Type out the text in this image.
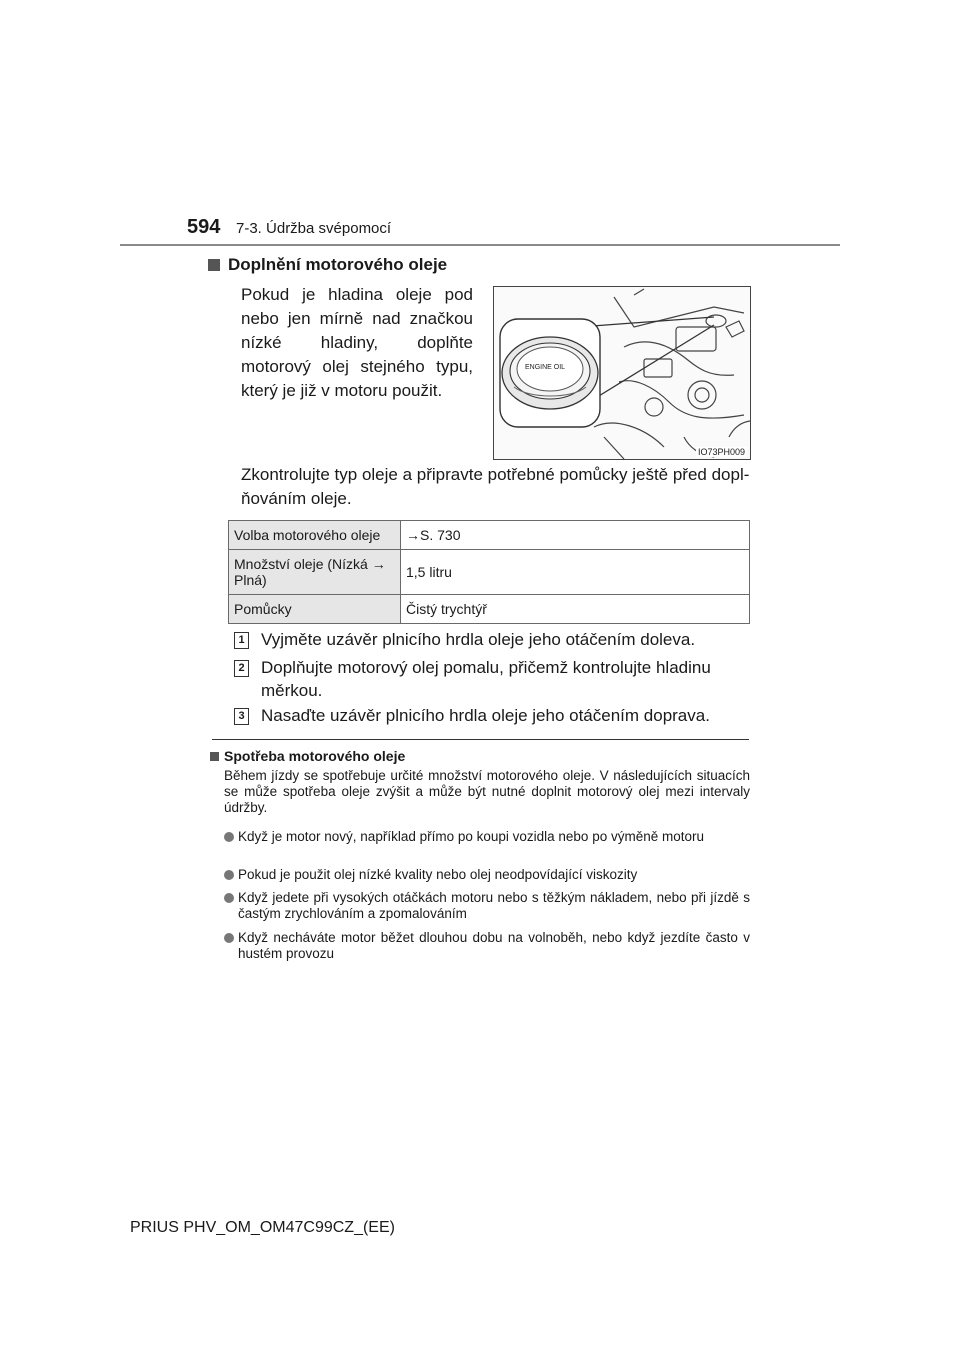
594 7-3. Údržba svépomocí
Doplnění motorového oleje
Pokud je hladina oleje pod nebo jen mírně nad značkou nízké hladiny, doplňte motorový olej stejného typu, který je již v motoru použit.
ENGINE OIL
IO73PH009
Zkontrolujte typ oleje a připravte potřebné pomůcky ještě před doplňováním oleje.
Volba motorového oleje	→S. 730
Množství oleje (Nízká → Plná)	1,5 litru
Pomůcky	Čistý trychtýř
1 Vyjměte uzávěr plnicího hrdla oleje jeho otáčením doleva.
2 Doplňujte motorový olej pomalu, přičemž kontrolujte hladinu měrkou.
3 Nasaďte uzávěr plnicího hrdla oleje jeho otáčením doprava.
Spotřeba motorového oleje
Během jízdy se spotřebuje určité množství motorového oleje. V následujících situacích se může spotřeba oleje zvýšit a může být nutné doplnit motorový olej mezi intervaly údržby.
Když je motor nový, například přímo po koupi vozidla nebo po výměně motoru
Pokud je použit olej nízké kvality nebo olej neodpovídající viskozity
Když jedete při vysokých otáčkách motoru nebo s těžkým nákladem, nebo při jízdě s častým zrychlováním a zpomalováním
Když necháváte motor běžet dlouhou dobu na volnoběh, nebo když jezdíte často v hustém provozu
PRIUS PHV_OM_OM47C99CZ_(EE)
